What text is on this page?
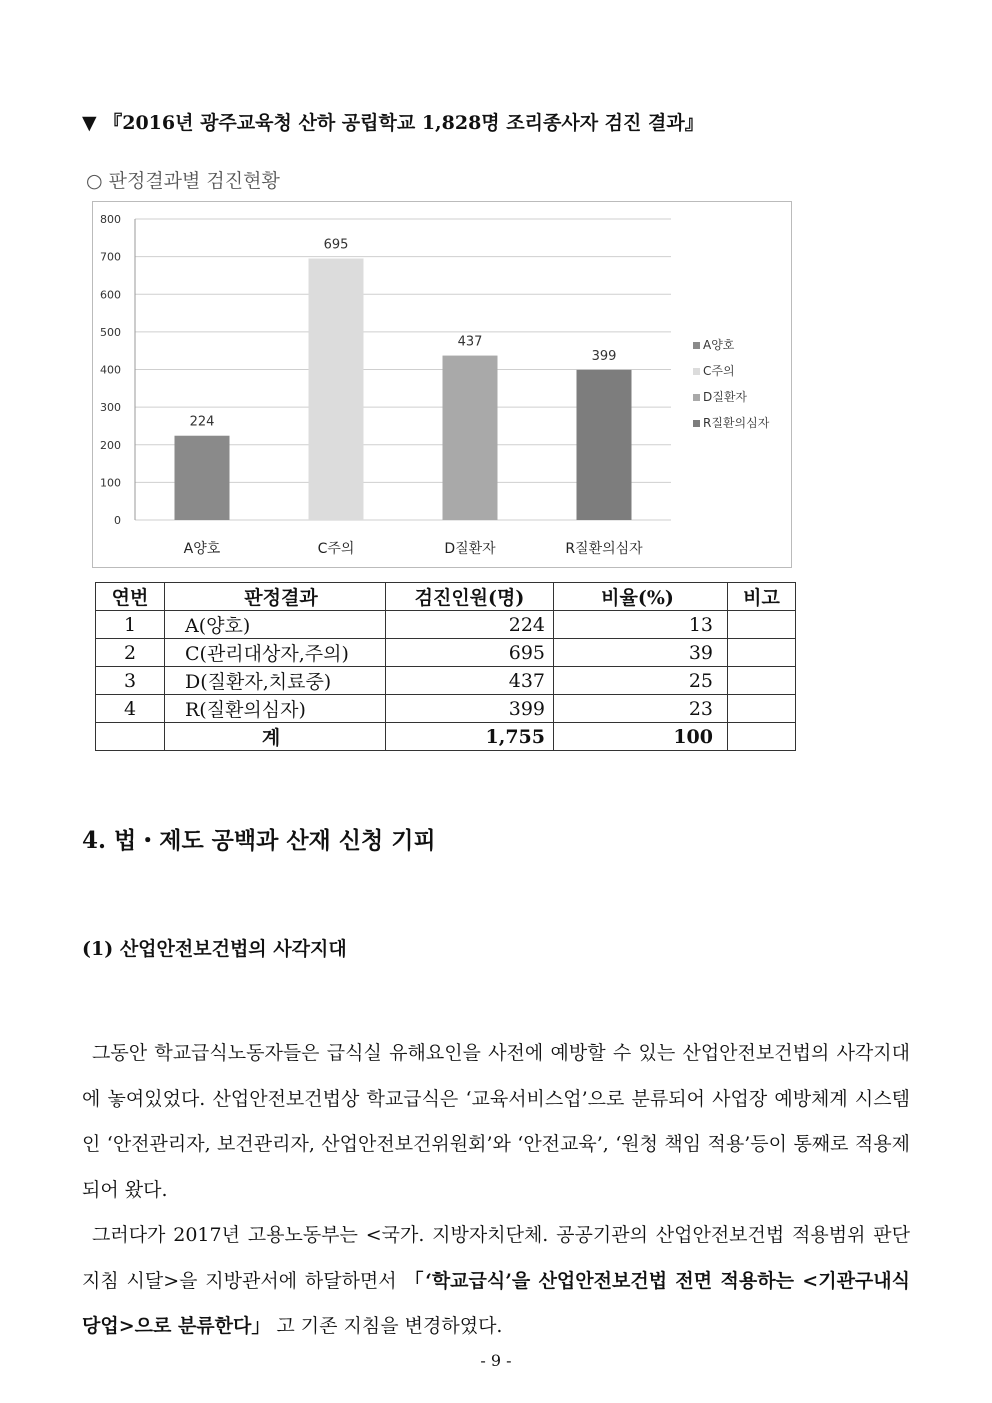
▼ 『2016년 광주교육청 산하 공립학교 1,828명 조리종사자 검진 결과』
○ 판정결과별 검진현황
0
100
200
300
400
500
600
700
800
224
A양호
695
C주의
437
D질환자
399
R질환의심자
A양호
C주의
D질환자
R질환의심자
연번	판정결과	검진인원(명)	비율(%)	비고
1	A(양호)	224	13	
2	C(관리대상자,주의)	695	39	
3	D(질환자,치료중)	437	25	
4	R(질환의심자)	399	23	
	계	1,755	100	
4. 법・제도 공백과 산재 신청 기피
(1) 산업안전보건법의 사각지대

그동안 학교급식노동자들은 급식실 유해요인을 사전에 예방할 수 있는 산업안전보건법의 사각지대에 놓여있었다. 산업안전보건법상 학교급식은 ‘교육서비스업’으로 분류되어 사업장 예방체계 시스템인 ‘안전관리자, 보건관리자, 산업안전보건위원회’와 ‘안전교육’, ‘원청 책임 적용’등이 통째로 적용제되어 왔다.

그러다가 2017년 고용노동부는 <국가. 지방자치단체. 공공기관의 산업안전보건법 적용범위 판단 지침 시달>을 지방관서에 하달하면서 「‘학교급식’을 산업안전보건법 전면 적용하는 <기관구내식당업>으로 분류한다」 고 기존 지침을 변경하였다.

- 9 -
